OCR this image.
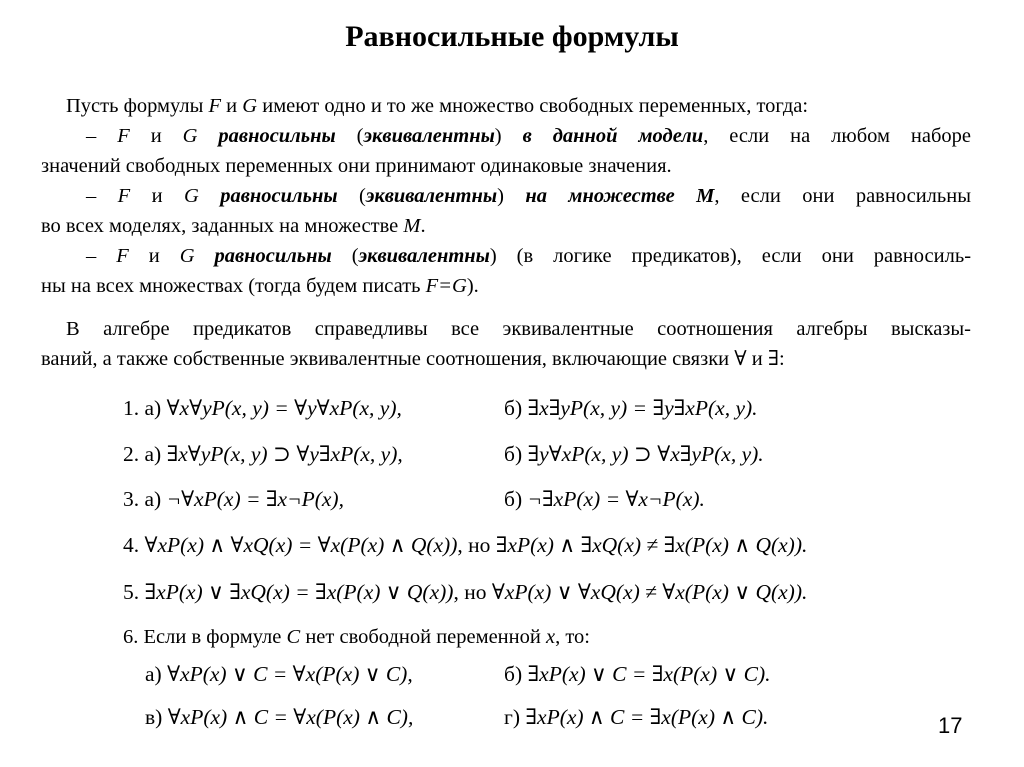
Равносильные формулы
Пусть формулы F и G имеют одно и то же множество свободных переменных, тогда:
– F и G равносильны (эквивалентны) в данной модели, если на любом наборе
значений свободных переменных они принимают одинаковые значения.
– F и G равносильны (эквивалентны) на множестве M, если они равносильны
во всех моделях, заданных на множестве M.
– F и G равносильны (эквивалентны) (в логике предикатов), если они равносиль-
ны на всех множествах (тогда будем писать F=G).
В алгебре предикатов справедливы все эквивалентные соотношения алгебры высказы-
ваний, а также собственные эквивалентные соотношения, включающие связки ∀ и ∃:
1. а) ∀x∀yP(x, y) = ∀y∀xP(x, y),	б) ∃x∃yP(x, y) = ∃y∃xP(x, y).
2. а) ∃x∀yP(x, y) ⊃ ∀y∃xP(x, y),	б) ∃y∀xP(x, y) ⊃ ∀x∃yP(x, y).
3. а) ¬∀xP(x) = ∃x¬P(x),	б) ¬∃xP(x) = ∀x¬P(x).
4. ∀xP(x) ∧ ∀xQ(x) = ∀x(P(x) ∧ Q(x)), но ∃xP(x) ∧ ∃xQ(x) ≠ ∃x(P(x) ∧ Q(x)).
5. ∃xP(x) ∨ ∃xQ(x) = ∃x(P(x) ∨ Q(x)), но ∀xP(x) ∨ ∀xQ(x) ≠ ∀x(P(x) ∨ Q(x)).
6. Если в формуле C нет свободной переменной x, то:
а) ∀xP(x) ∨ C = ∀x(P(x) ∨ C),	б) ∃xP(x) ∨ C = ∃x(P(x) ∨ C).
в) ∀xP(x) ∧ C = ∀x(P(x) ∧ C),	г) ∃xP(x) ∧ C = ∃x(P(x) ∧ C).	17
